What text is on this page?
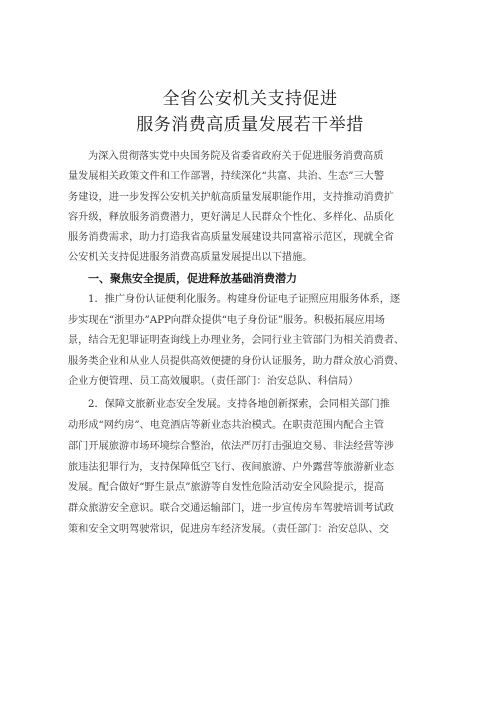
全省公安机关支持促进
服务消费高质量发展若干举措
为深入贯彻落实党中央国务院及省委省政府关于促进服务消费高质
量发展相关政策文件和工作部署，持续深化“共富、共治、生态”三大警
务建设，进一步发挥公安机关护航高质量发展职能作用，支持推动消费扩
容升级，释放服务消费潜力，更好满足人民群众个性化、多样化、品质化
服务消费需求，助力打造我省高质量发展建设共同富裕示范区，现就全省
公安机关支持促进服务消费高质量发展提出以下措施。
一、聚焦安全提质，促进释放基础消费潜力
1．推广身份认证便利化服务。构建身份证电子证照应用服务体系，逐
步实现在“浙里办”APP向群众提供“电子身份证”服务。积极拓展应用场
景，结合无犯罪证明查询线上办理业务，会同行业主管部门为相关消费者、
服务类企业和从业人员提供高效便捷的身份认证服务，助力群众放心消费、
企业方便管理、员工高效履职。（责任部门：治安总队、科信局）
2．保障文旅新业态安全发展。支持各地创新探索，会同相关部门推
动形成“网约房”、电竞酒店等新业态共治模式。在职责范围内配合主管
部门开展旅游市场环境综合整治，依法严厉打击强迫交易、非法经营等涉
旅违法犯罪行为，支持保障低空飞行、夜间旅游、户外露营等旅游新业态
发展。配合做好“野生景点”旅游等自发性危险活动安全风险提示，提高
群众旅游安全意识。联合交通运输部门，进一步宣传房车驾驶培训考试政
策和安全文明驾驶常识，促进房车经济发展。（责任部门：治安总队、交
